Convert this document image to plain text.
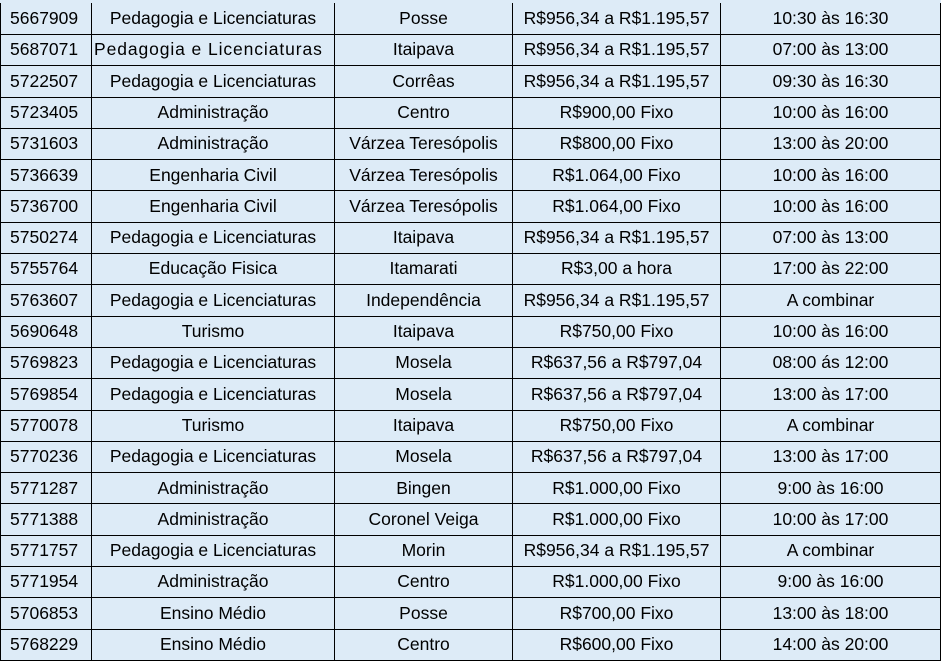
5667909	Pedagogia e Licenciaturas	Posse	R$956,34 a R$1.195,57	10:30 às 16:30
5687071 Pedagogia e Licenciaturas	Itaipava	R$956,34 a R$1.195,57	07:00 às 13:00
5722507	Pedagogia e Licenciaturas	Corrêas	R$956,34 a R$1.195,57	09:30 às 16:30
5723405	Administração	Centro	R$900,00 Fixo	10:00 às 16:00
5731603	Administração	Várzea Teresópolis	R$800,00 Fixo	13:00 às 20:00
5736639	Engenharia Civil	Várzea Teresópolis	R$1.064,00 Fixo	10:00 às 16:00
5736700	Engenharia Civil	Várzea Teresópolis	R$1.064,00 Fixo	10:00 às 16:00
5750274	Pedagogia e Licenciaturas	Itaipava	R$956,34 a R$1.195,57	07:00 às 13:00
5755764	Educação Fisica	Itamarati	R$3,00 a hora	17:00 às 22:00
5763607	Pedagogia e Licenciaturas	Independência	R$956,34 a R$1.195,57	A combinar
5690648	Turismo	Itaipava	R$750,00 Fixo	10:00 às 16:00
5769823	Pedagogia e Licenciaturas	Mosela	R$637,56 a R$797,04	08:00 ás 12:00
5769854	Pedagogia e Licenciaturas	Mosela	R$637,56 a R$797,04	13:00 às 17:00
5770078	Turismo	Itaipava	R$750,00 Fixo	A combinar
5770236	Pedagogia e Licenciaturas	Mosela	R$637,56 a R$797,04	13:00 às 17:00
5771287	Administração	Bingen	R$1.000,00 Fixo	9:00 às 16:00
5771388	Administração	Coronel Veiga	R$1.000,00 Fixo	10:00 às 17:00
5771757	Pedagogia e Licenciaturas	Morin	R$956,34 a R$1.195,57	A combinar
5771954	Administração	Centro	R$1.000,00 Fixo	9:00 às 16:00
5706853	Ensino Médio	Posse	R$700,00 Fixo	13:00 às 18:00
5768229	Ensino Médio	Centro	R$600,00 Fixo	14:00 às 20:00
